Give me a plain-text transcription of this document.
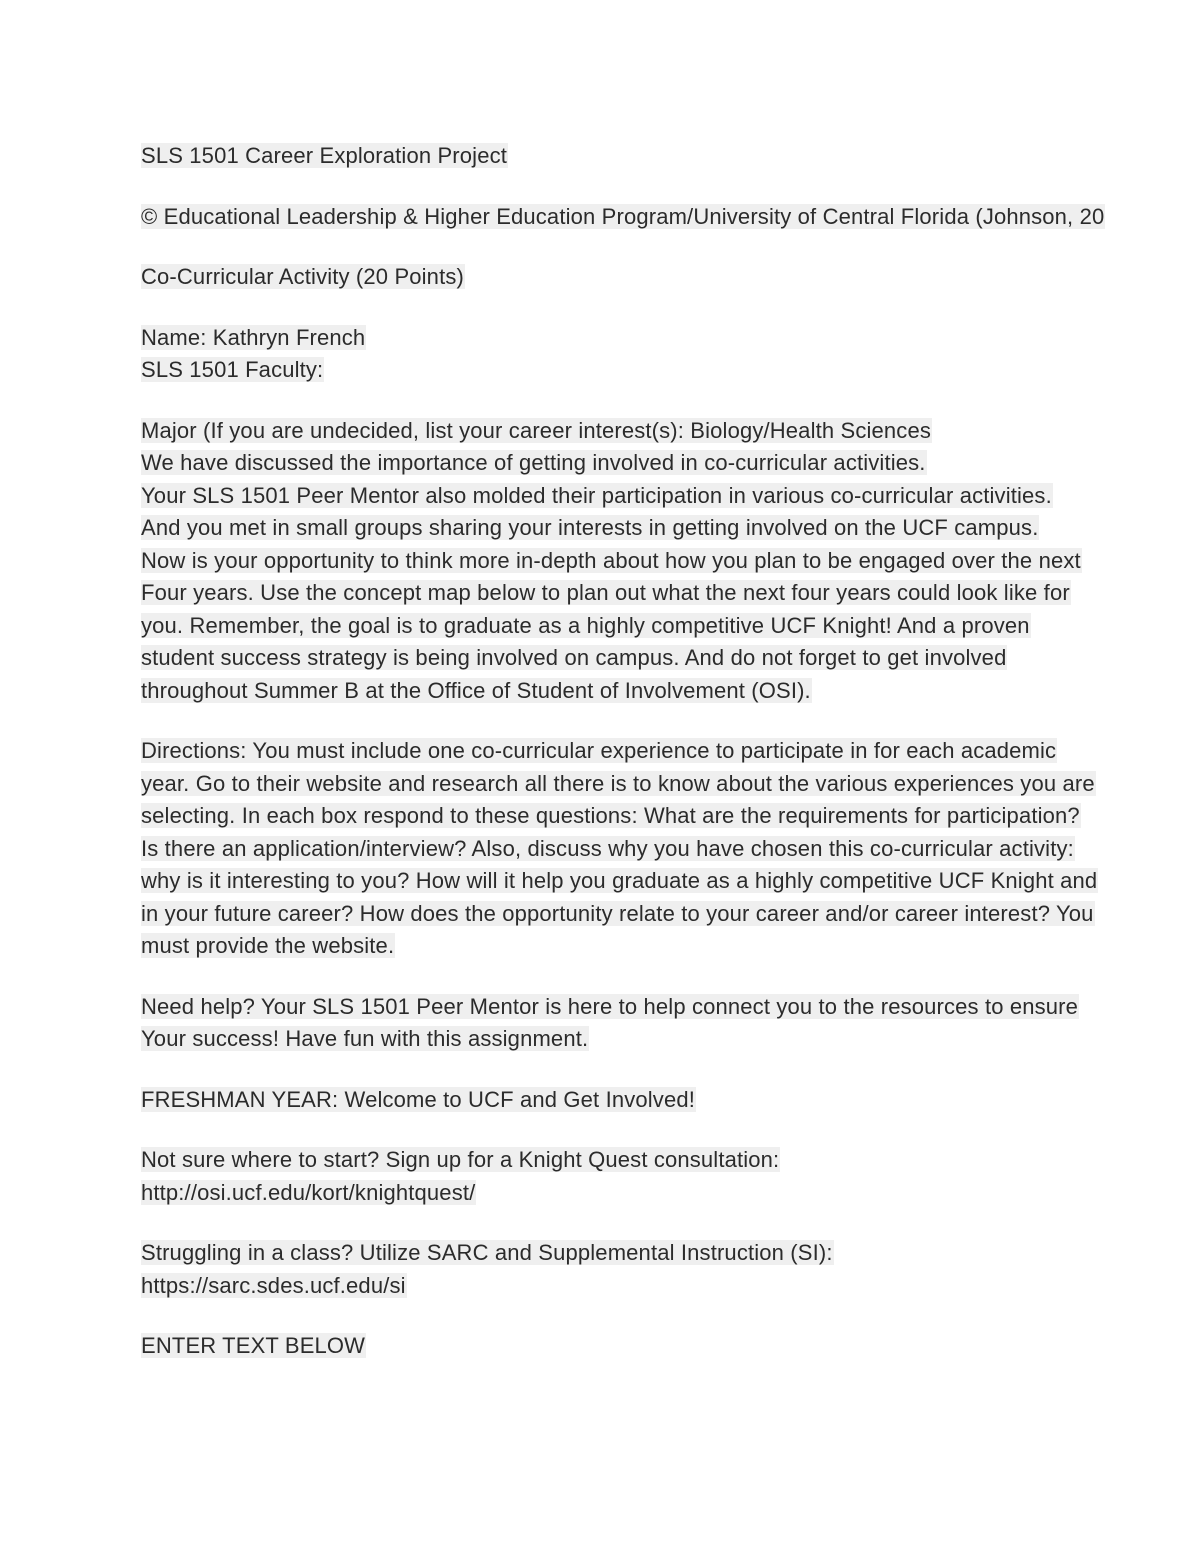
SLS 1501 Career Exploration Project
© Educational Leadership & Higher Education Program/University of Central Florida (Johnson, 20
Co-Curricular Activity (20 Points)
Name: Kathryn French
SLS 1501 Faculty:
Major (If you are undecided, list your career interest(s): Biology/Health Sciences
We have discussed the importance of getting involved in co-curricular activities.
Your SLS 1501 Peer Mentor also molded their participation in various co-curricular activities.
And you met in small groups sharing your interests in getting involved on the UCF campus.
Now is your opportunity to think more in-depth about how you plan to be engaged over the next
Four years. Use the concept map below to plan out what the next four years could look like for
you. Remember, the goal is to graduate as a highly competitive UCF Knight! And a proven
student success strategy is being involved on campus. And do not forget to get involved
throughout Summer B at the Office of Student of Involvement (OSI).
Directions: You must include one co-curricular experience to participate in for each academic
year. Go to their website and research all there is to know about the various experiences you are
selecting. In each box respond to these questions: What are the requirements for participation?
Is there an application/interview? Also, discuss why you have chosen this co-curricular activity:
why is it interesting to you? How will it help you graduate as a highly competitive UCF Knight and
in your future career? How does the opportunity relate to your career and/or career interest? You
must provide the website.
Need help? Your SLS 1501 Peer Mentor is here to help connect you to the resources to ensure
Your success! Have fun with this assignment.
FRESHMAN YEAR: Welcome to UCF and Get Involved!
Not sure where to start? Sign up for a Knight Quest consultation:
http://osi.ucf.edu/kort/knightquest/
Struggling in a class? Utilize SARC and Supplemental Instruction (SI):
https://sarc.sdes.ucf.edu/si
ENTER TEXT BELOW
